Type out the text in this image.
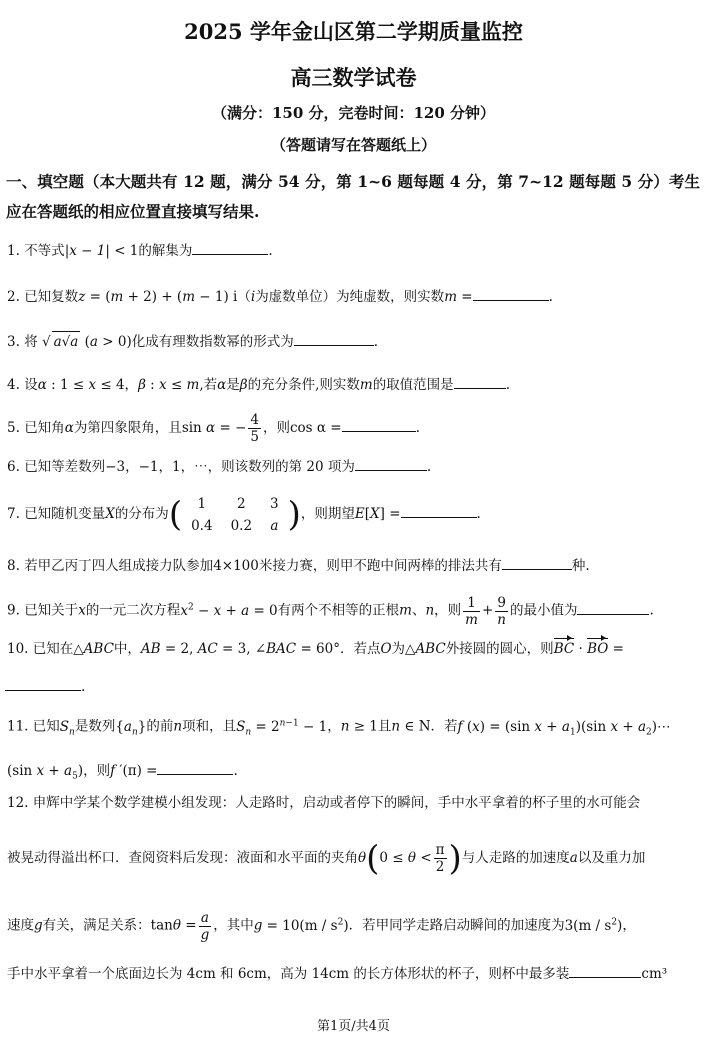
2025 学年金山区第二学期质量监控
高三数学试卷
（满分：150 分，完卷时间：120 分钟）
（答题请写在答题纸上）
一、填空题（本大题共有 12 题，满分 54 分，第 1~6 题每题 4 分，第 7~12 题每题 5 分）考生应在答题纸的相应位置直接填写结果.
1. 不等式|x − 1| < 1的解集为	.
2. 已知复数z = (m + 2) + (m − 1) i（i为虚数单位）为纯虚数，则实数m =	.
3. 将 √ a√a (a > 0)化成有理数指数幂的形式为	.
4. 设α : 1 ≤ x ≤ 4，β : x ≤ m,若α是β的充分条件,则实数m的取值范围是	.
5. 已知角α为第四象限角，且sin α = − $\frac{4}{5}$ ，则cos α =	.
6. 已知等差数列−3，−1，1，⋯，则该数列的第 20 项为	.
7. 已知随机变量X的分布为( 1	2	3
0.4	0.2	a )，则期望E[X] =	.
8. 若甲乙丙丁四人组成接力队参加4×100米接力赛，则甲不跑中间两棒的排法共有	种.
9. 已知关于x的一元二次方程$x^2 - x + a = 0$有两个不相等的正根m、n，则 $\frac{1}{m} + \frac{9}{n}$ 的最小值为	.
10. 已知在△ABC中，AB = 2, AC = 3, ∠BAC = 60°．若点O为△ABC外接圆的圆心，则BC · BO =
.
11. 已知$S_n$是数列$\{a_n\}$的前n项和，且$S_n = 2^{n-1} - 1$，n ≥ 1且n ∈ N．若f (x) = (sin $x + a_1)(\sin$ $x + a_2)\cdots$
(sin $x + a_5$)，则f ′(π) =	.
12. 申辉中学某个数学建模小组发现：人走路时，启动或者停下的瞬间，手中水平拿着的杯子里的水可能会
被晃动得溢出杯口．查阅资料后发现：液面和水平面的夹角$\theta(0 \le \theta < \frac{\pi}{2}$ )与人走路的加速度a以及重力加
速度g有关，满足关系：$\tan\theta = \frac{a}{g}$ ，其中$g = 10(m / s^2)$．若甲同学走路启动瞬间的加速度为$3(m / s^2)$，
手中水平拿着一个底面边长为 4cm 和 6cm，高为 14cm 的长方体形状的杯子，则杯中最多装	cm³
第1页/共4页
